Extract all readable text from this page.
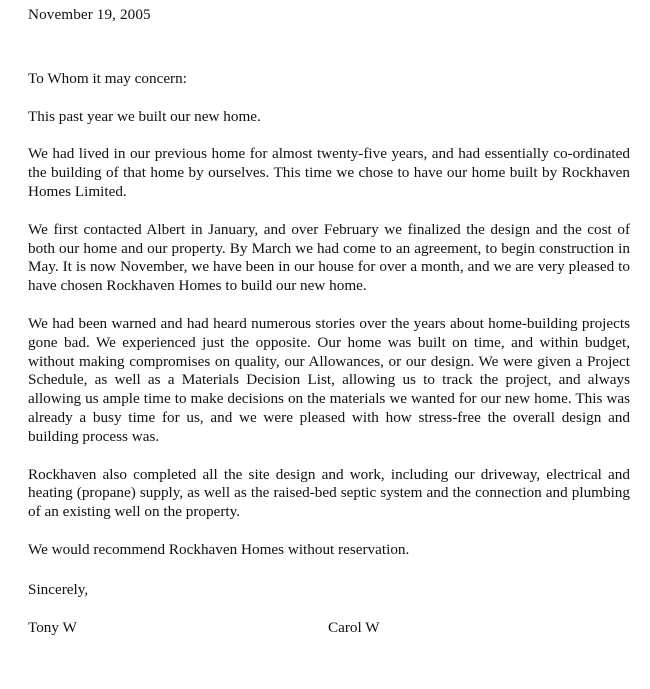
November 19, 2005
To Whom it may concern:

This past year we built our new home.

We had lived in our previous home for almost twenty-five years, and had essentially co-ordinated the building of that home by ourselves. This time we chose to have our home built by Rockhaven Homes Limited.

We first contacted Albert in January, and over February we finalized the design and the cost of both our home and our property. By March we had come to an agreement, to begin construction in May. It is now November, we have been in our house for over a month, and we are very pleased to have chosen Rockhaven Homes to build our new home.

We had been warned and had heard numerous stories over the years about home-building projects gone bad. We experienced just the opposite. Our home was built on time, and within budget, without making compromises on quality, our Allowances, or our design. We were given a Project Schedule, as well as a Materials Decision List, allowing us to track the project, and always allowing us ample time to make decisions on the materials we wanted for our new home. This was already a busy time for us, and we were pleased with how stress-free the overall design and building process was.

Rockhaven also completed all the site design and work, including our driveway, electrical and heating (propane) supply, as well as the raised-bed septic system and the connection and plumbing of an existing well on the property.

We would recommend Rockhaven Homes without reservation.

Sincerely,
Tony W	Carol W
